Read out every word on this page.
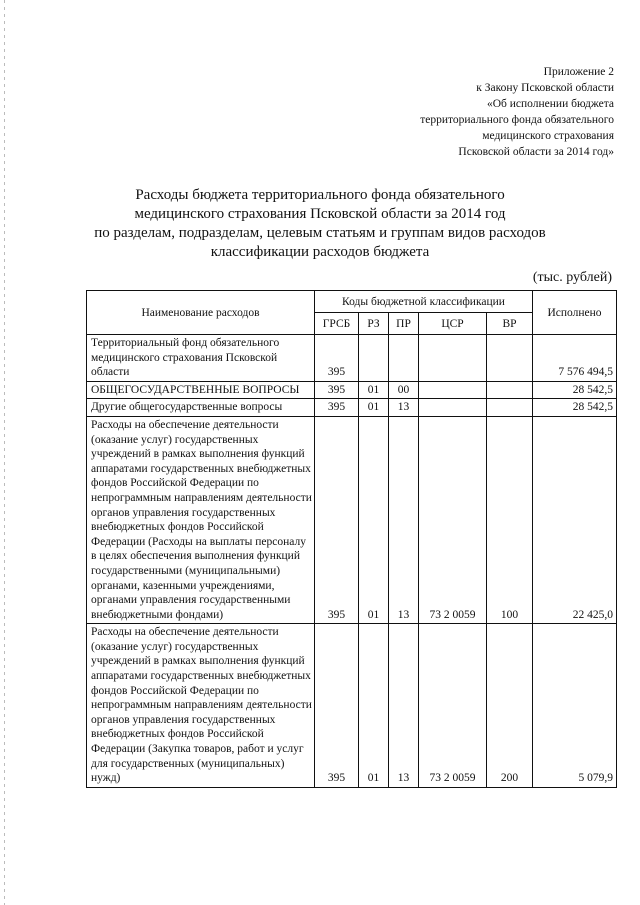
Приложение 2
к Закону Псковской области
«Об исполнении бюджета
территориального фонда обязательного
медицинского страхования
Псковской области за 2014 год»
Расходы бюджета территориального фонда обязательного
медицинского страхования Псковской области за 2014 год
по разделам, подразделам, целевым статьям и группам видов расходов
классификации расходов бюджета
(тыс. рублей)
Наименование расходов	Коды бюджетной классификации					Исполнено
	ГРСБ	РЗ	ПР	ЦСР	ВР	
Территориальный фонд обязательного медицинского страхования Псковской области	395					7 576 494,5
ОБЩЕГОСУДАРСТВЕННЫЕ ВОПРОСЫ	395	01	00			28 542,5
Другие общегосударственные вопросы	395	01	13			28 542,5
Расходы на обеспечение деятельности (оказание услуг) государственных учреждений в рамках выполнения функций аппаратами государственных внебюджетных фондов Российской Федерации по непрограммным направлениям деятельности органов управления государственных внебюджетных фондов Российской Федерации (Расходы на выплаты персоналу в целях обеспечения выполнения функций государственными (муниципальными) органами, казенными учреждениями, органами управления государственными внебюджетными фондами)	395	01	13	73 2 0059	100	22 425,0
Расходы на обеспечение деятельности (оказание услуг) государственных учреждений в рамках выполнения функций аппаратами государственных внебюджетных фондов Российской Федерации по непрограммным направлениям деятельности органов управления государственных внебюджетных фондов Российской Федерации (Закупка товаров, работ и услуг для государственных (муниципальных) нужд)	395	01	13	73 2 0059	200	5 079,9
